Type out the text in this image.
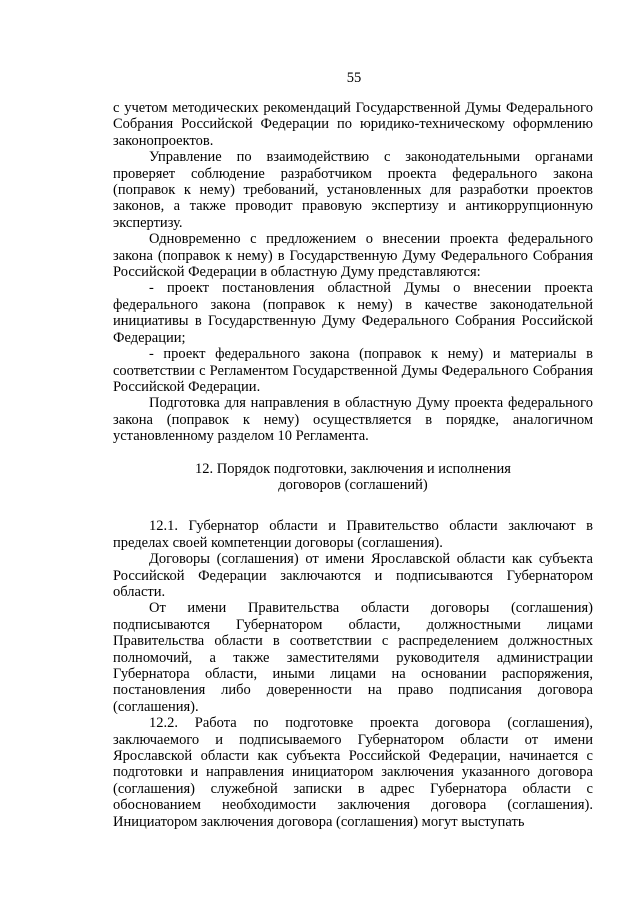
55

с учетом методических рекомендаций Государственной Думы Федерального Собрания Российской Федерации по юридико-техническому оформлению законопроектов.

Управление по взаимодействию с законодательными органами проверяет соблюдение разработчиком проекта федерального закона (поправок к нему) требований, установленных для разработки проектов законов, а также проводит правовую экспертизу и антикоррупционную экспертизу.

Одновременно с предложением о внесении проекта федерального закона (поправок к нему) в Государственную Думу Федерального Собрания Российской Федерации в областную Думу представляются:

- проект постановления областной Думы о внесении проекта федерального закона (поправок к нему) в качестве законодательной инициативы в Государственную Думу Федерального Собрания Российской Федерации;

- проект федерального закона (поправок к нему) и материалы в соответствии с Регламентом Государственной Думы Федерального Собрания Российской Федерации.

Подготовка для направления в областную Думу проекта федерального закона (поправок к нему) осуществляется в порядке, аналогичном установленному разделом 10 Регламента.

12. Порядок подготовки, заключения и исполнения
договоров (соглашений)

12.1. Губернатор области и Правительство области заключают в пределах своей компетенции договоры (соглашения).

Договоры (соглашения) от имени Ярославской области как субъекта Российской Федерации заключаются и подписываются Губернатором области.

От имени Правительства области договоры (соглашения) подписываются Губернатором области, должностными лицами Правительства области в соответствии с распределением должностных полномочий, а также заместителями руководителя администрации Губернатора области, иными лицами на основании распоряжения, постановления либо доверенности на право подписания договора (соглашения).

12.2. Работа по подготовке проекта договора (соглашения), заключаемого и подписываемого Губернатором области от имени Ярославской области как субъекта Российской Федерации, начинается с подготовки и направления инициатором заключения указанного договора (соглашения) служебной записки в адрес Губернатора области с обоснованием необходимости заключения договора (соглашения). Инициатором заключения договора (соглашения) могут выступать
